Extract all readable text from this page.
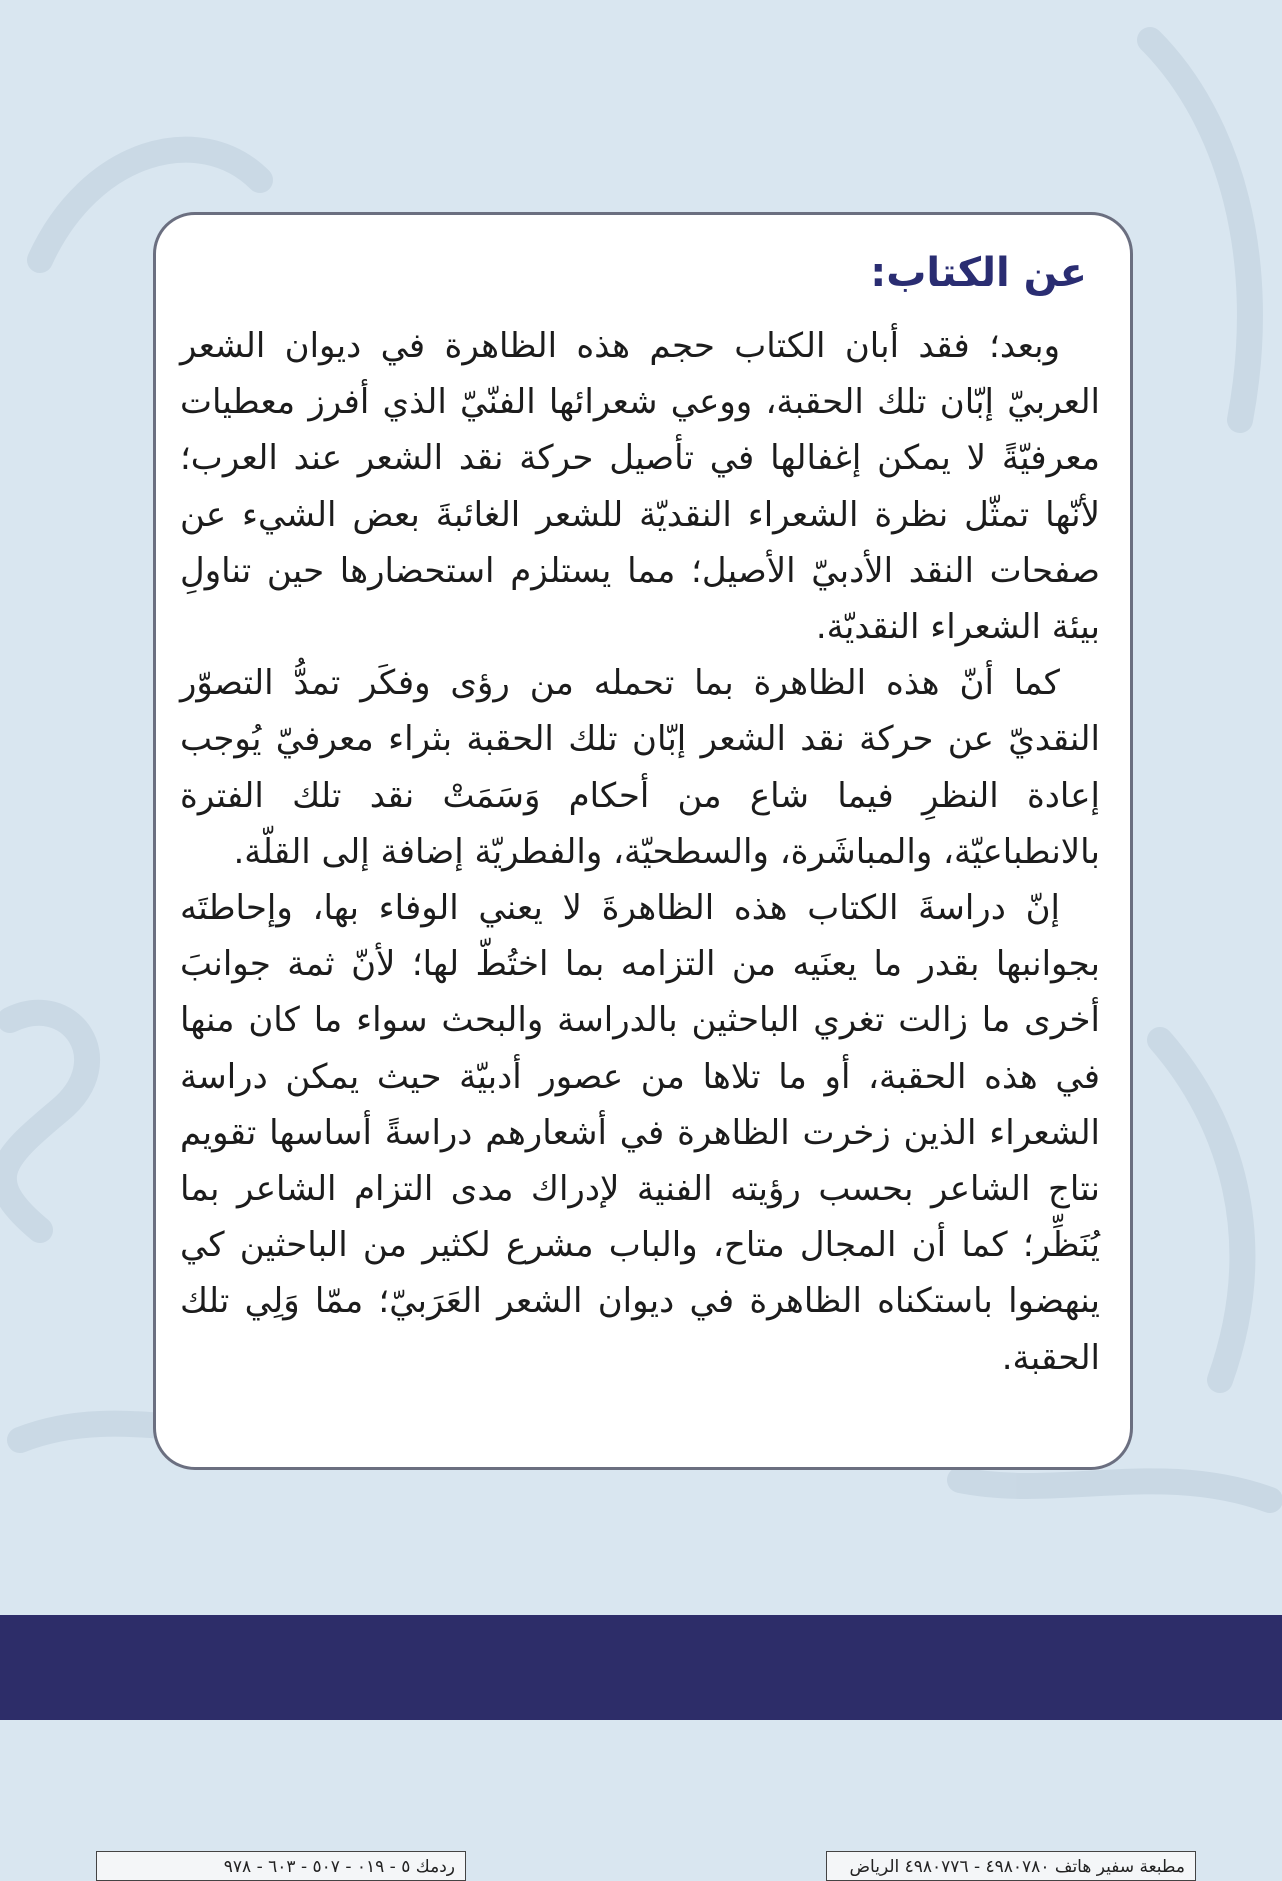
عن الكتاب:

وبعد؛ فقد أبان الكتاب حجم هذه الظاهرة في ديوان الشعر العربيّ إبّان تلك الحقبة، ووعي شعرائها الفنّيّ الذي أفرز معطيات معرفيّةً لا يمكن إغفالها في تأصيل حركة نقد الشعر عند العرب؛ لأنّها تمثّل نظرة الشعراء النقديّة للشعر الغائبةَ بعض الشيء عن صفحات النقد الأدبيّ الأصيل؛ مما يستلزم استحضارها حين تناولِ بيئة الشعراء النقديّة.

كما أنّ هذه الظاهرة بما تحمله من رؤى وفكَر تمدُّ التصوّر النقديّ عن حركة نقد الشعر إبّان تلك الحقبة بثراء معرفيّ يُوجب إعادة النظرِ فيما شاع من أحكام وَسَمَتْ نقد تلك الفترة بالانطباعيّة، والمباشَرة، والسطحيّة، والفطريّة إضافة إلى القلّة.

إنّ دراسةَ الكتاب هذه الظاهرةَ لا يعني الوفاء بها، وإحاطتَه بجوانبها بقدر ما يعنَيه من التزامه بما اختُطّ لها؛ لأنّ ثمة جوانبَ أخرى ما زالت تغري الباحثين بالدراسة والبحث سواء ما كان منها في هذه الحقبة، أو ما تلاها من عصور أدبيّة حيث يمكن دراسة الشعراء الذين زخرت الظاهرة في أشعارهم دراسةً أساسها تقويم نتاج الشاعر بحسب رؤيته الفنية لإدراك مدى التزام الشاعر بما يُنَظِّر؛ كما أن المجال متاح، والباب مشرع لكثير من الباحثين كي ينهضوا باستكناه الظاهرة في ديوان الشعر العَرَبيّ؛ ممّا وَلِي تلك الحقبة.

مطبعة سفير هاتف ٤٩٨٠٧٨٠ - ٤٩٨٠٧٧٦ الرياض
ردمك ٥ - ٠١٩ - ٥٠٧ - ٦٠٣ - ٩٧٨
